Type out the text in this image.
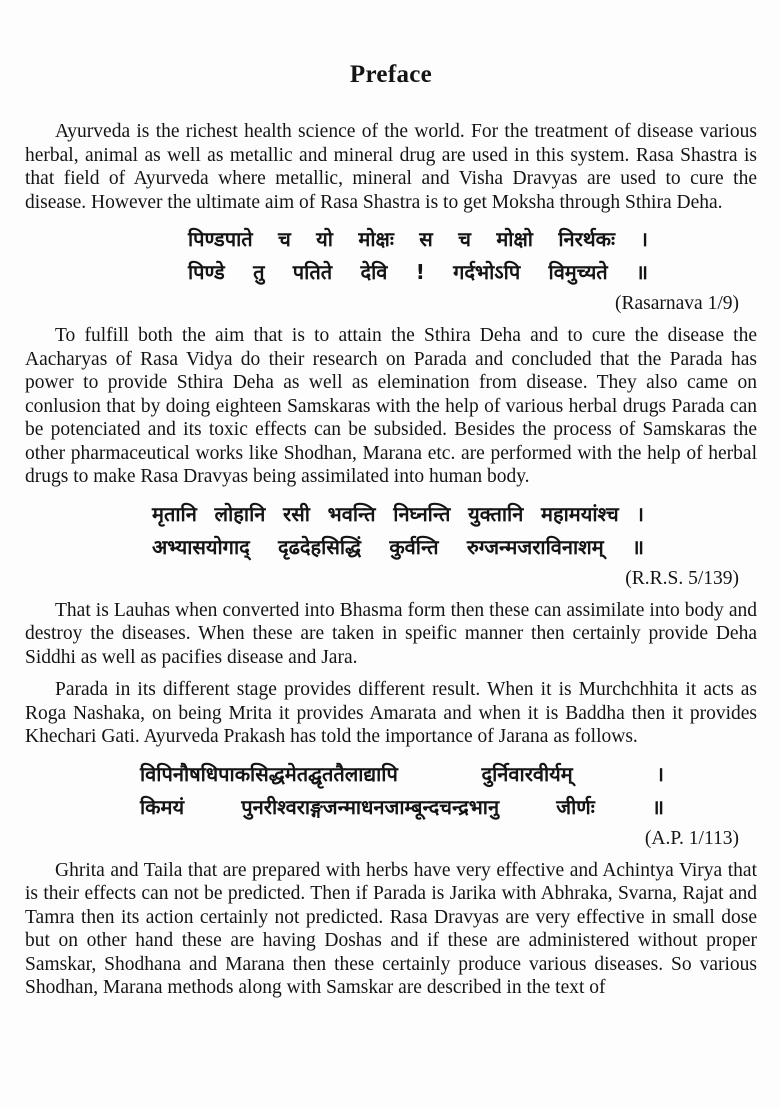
Preface

Ayurveda is the richest health science of the world. For the treatment of disease various herbal, animal as well as metallic and mineral drug are used in this system. Rasa Shastra is that field of Ayurveda where metallic, mineral and Visha Dravyas are used to cure the disease. However the ultimate aim of Rasa Shastra is to get Moksha through Sthira Deha.

पिण्डपाते च यो मोक्षः स च मोक्षो निरर्थकः ।
पिण्डे तु पतिते देवि ! गर्दभोऽपि विमुच्यते ॥
(Rasarnava 1/9)

To fulfill both the aim that is to attain the Sthira Deha and to cure the disease the Aacharyas of Rasa Vidya do their research on Parada and concluded that the Parada has power to provide Sthira Deha as well as elemination from disease. They also came on conlusion that by doing eighteen Samskaras with the help of various herbal drugs Parada can be potenciated and its toxic effects can be subsided. Besides the process of Samskaras the other pharmaceutical works like Shodhan, Marana etc. are performed with the help of herbal drugs to make Rasa Dravyas being assimilated into human body.

मृतानि लोहानि रसी भवन्ति निघ्नन्ति युक्तानि महामयांश्च ।
अभ्यासयोगाद् दृढदेहसिद्धिं कुर्वन्ति रुग्जन्मजराविनाशम् ॥
(R.R.S. 5/139)

That is Lauhas when converted into Bhasma form then these can assimilate into body and destroy the diseases. When these are taken in speific manner then certainly provide Deha Siddhi as well as pacifies disease and Jara.

Parada in its different stage provides different result. When it is Murchchhita it acts as Roga Nashaka, on being Mrita it provides Amarata and when it is Baddha then it provides Khechari Gati. Ayurveda Prakash has told the importance of Jarana as follows.

विपिनौषधिपाकसिद्धमेतद्घृततैलाद्यापि दुर्निवारवीर्यम् ।
किमयं पुनरीश्वराङ्गजन्माधनजाम्बून्दचन्द्रभानु जीर्णः ॥
(A.P. 1/113)

Ghrita and Taila that are prepared with herbs have very effective and Achintya Virya that is their effects can not be predicted. Then if Parada is Jarika with Abhraka, Svarna, Rajat and Tamra then its action certainly not predicted. Rasa Dravyas are very effective in small dose but on other hand these are having Doshas and if these are administered without proper Samskar, Shodhana and Marana then these certainly produce various diseases. So various Shodhan, Marana methods along with Samskar are described in the text of
